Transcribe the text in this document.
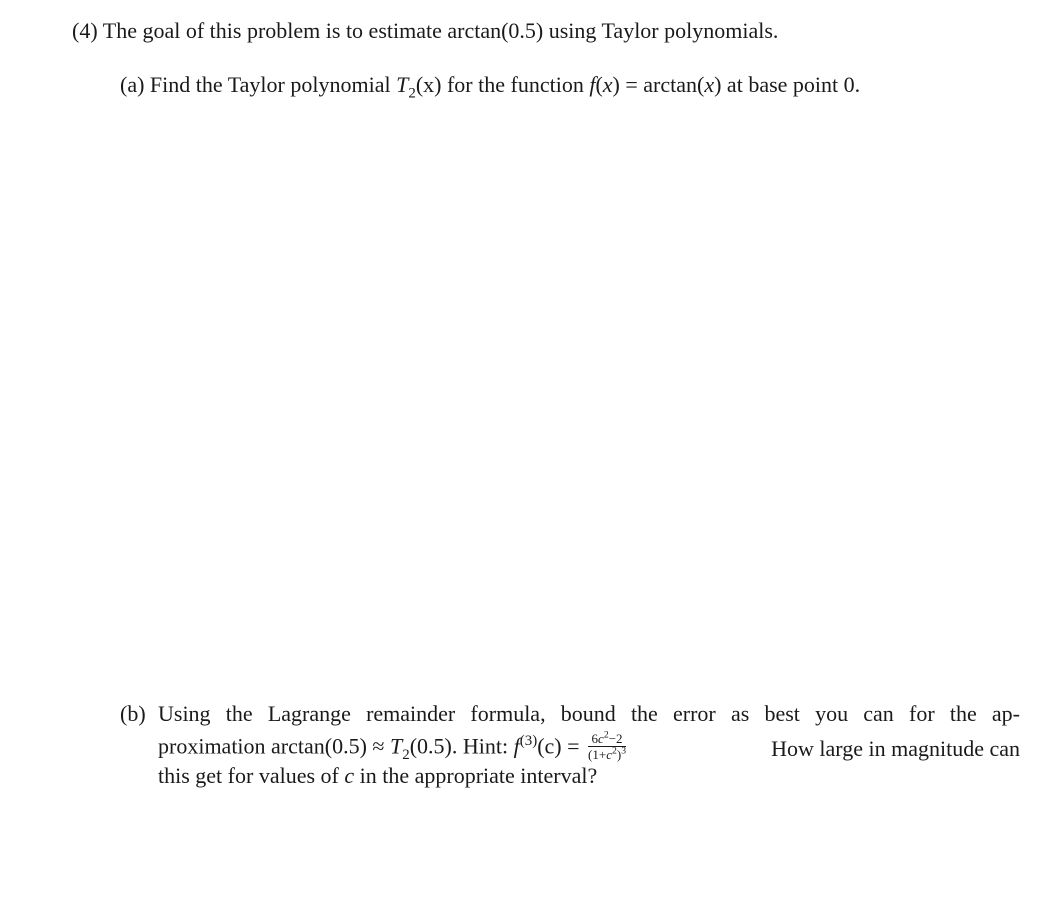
(4) The goal of this problem is to estimate arctan(0.5) using Taylor polynomials.
(a) Find the Taylor polynomial $T_2(x)$ for the function f(x) = arctan(x) at base point 0.
(b) Using the Lagrange remainder formula, bound the error as best you can for the ap-
proximation $\arctan(0.5) \approx T_2(0.5)$. Hint: $f^{(3)}(c) = \frac{6c^2-2}{(1+c^2)^3}$	How large in magnitude can
this get for values of c in the appropriate interval?
